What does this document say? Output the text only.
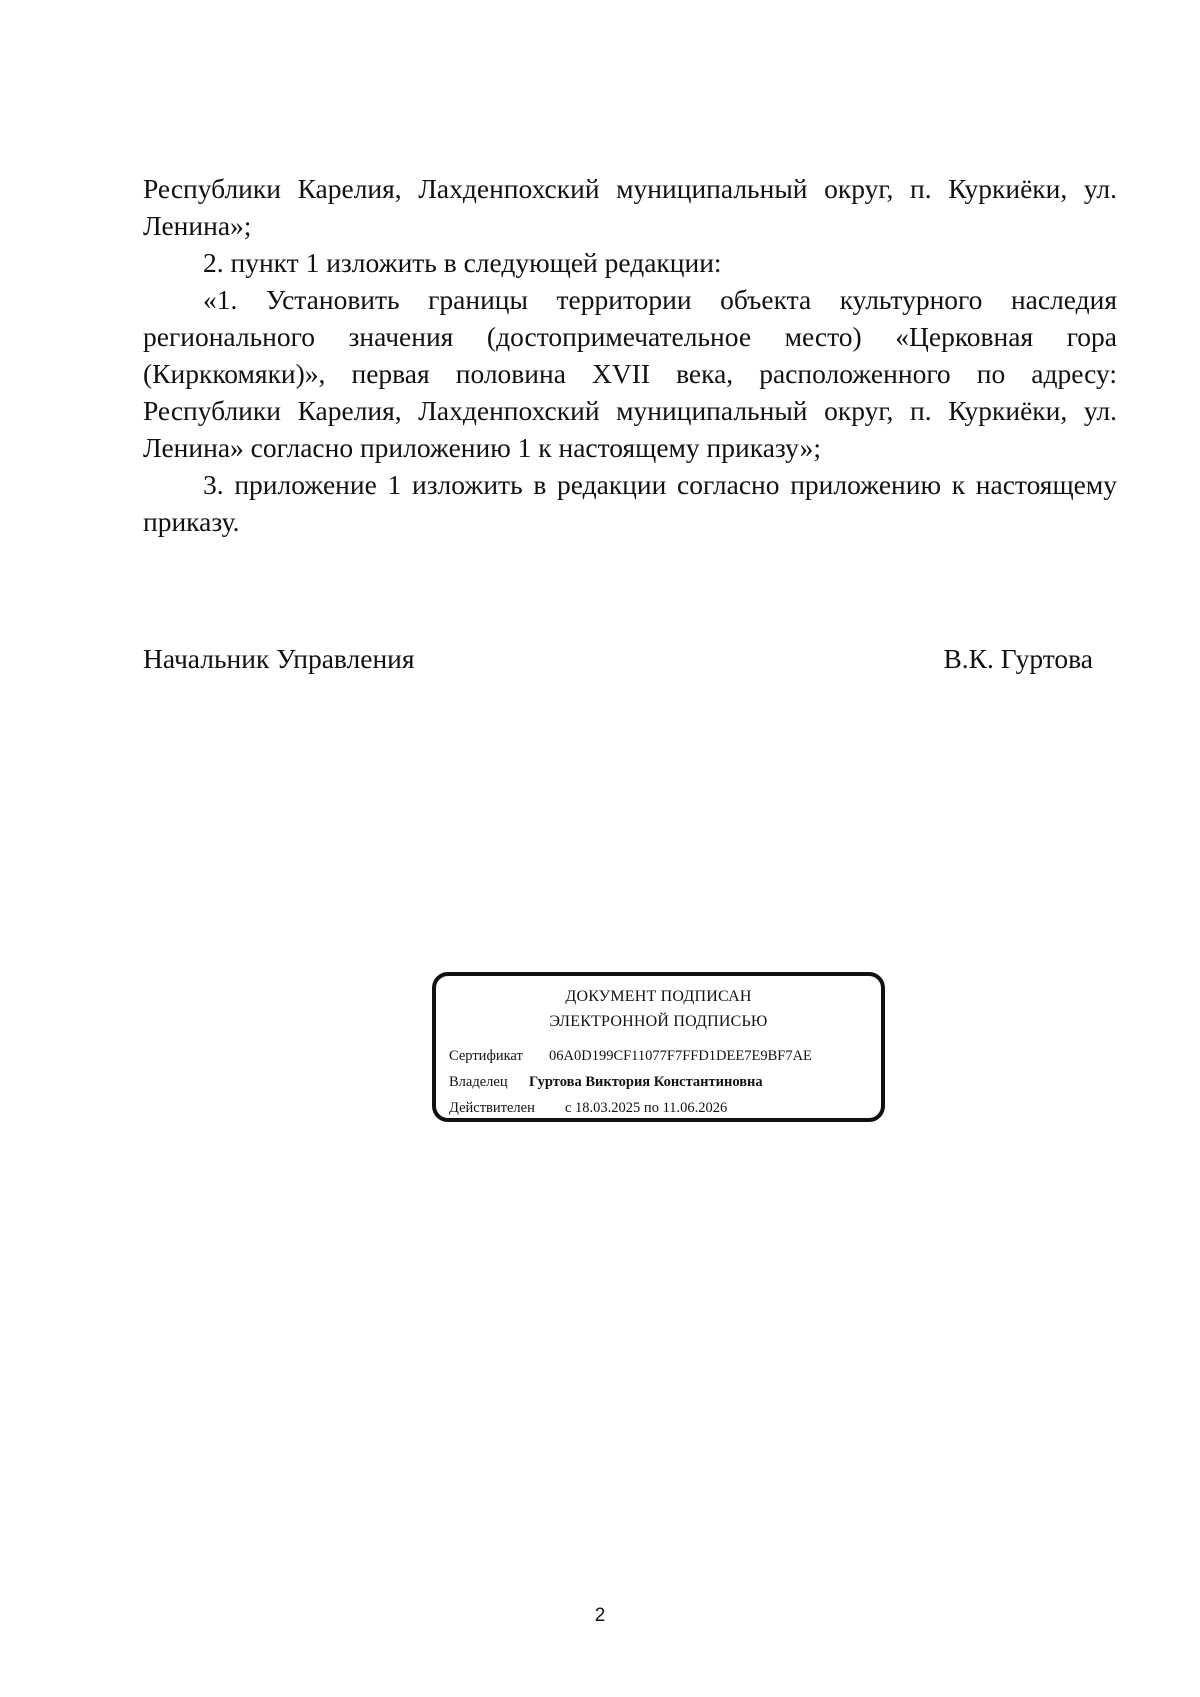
Республики Карелия, Лахденпохский муниципальный округ, п. Куркиёки, ул. Ленина»;

2. пункт 1 изложить в следующей редакции:

«1. Установить границы территории объекта культурного наследия регионального значения (достопримечательное место) «Церковная гора (Кирккомяки)», первая половина XVII века, расположенного по адресу: Республики Карелия, Лахденпохский муниципальный округ, п. Куркиёки, ул. Ленина» согласно приложению 1 к настоящему приказу»;

3. приложение 1 изложить в редакции согласно приложению к настоящему приказу.

Начальник Управления	В.К. Гуртова
ДОКУМЕНТ ПОДПИСАН
ЭЛЕКТРОННОЙ ПОДПИСЬЮ
Сертификат 06A0D199CF11077F7FFD1DEE7E9BF7AE
Владелец Гуртова Виктория Константиновна
Действителен с 18.03.2025 по 11.06.2026
2
